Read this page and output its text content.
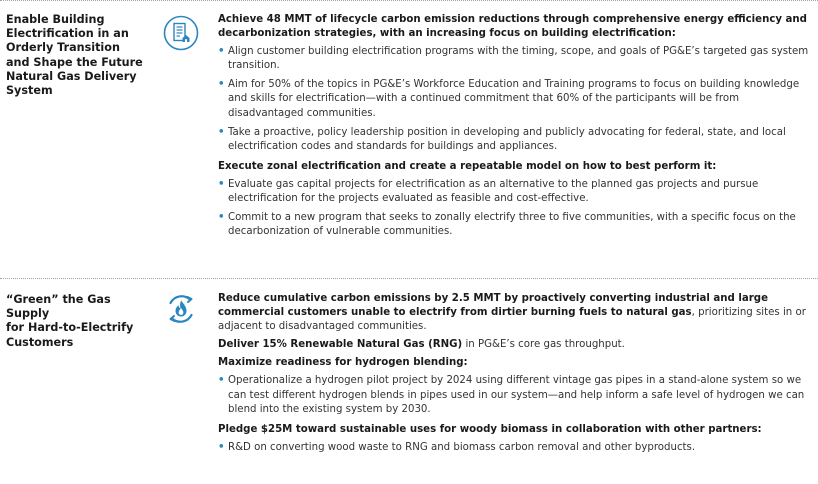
Enable Building
Electrification in an
Orderly Transition
and Shape the Future
Natural Gas Delivery
System

Achieve 48 MMT of lifecycle carbon emission reductions through comprehensive energy efficiency and decarbonization strategies, with an increasing focus on building electrification:

• Align customer building electrification programs with the timing, scope, and goals of PG&E’s targeted gas system transition.
• Aim for 50% of the topics in PG&E’s Workforce Education and Training programs to focus on building knowledge and skills for electrification—with a continued commitment that 60% of the participants will be from disadvantaged communities.
• Take a proactive, policy leadership position in developing and publicly advocating for federal, state, and local electrification codes and standards for buildings and appliances.

Execute zonal electrification and create a repeatable model on how to best perform it:

• Evaluate gas capital projects for electrification as an alternative to the planned gas projects and pursue electrification for the projects evaluated as feasible and cost-effective.
• Commit to a new program that seeks to zonally electrify three to five communities, with a specific focus on the decarbonization of vulnerable communities.
“Green” the Gas Supply
for Hard-to-Electrify
Customers

Reduce cumulative carbon emissions by 2.5 MMT by proactively converting industrial and large commercial customers unable to electrify from dirtier burning fuels to natural gas, prioritizing sites in or adjacent to disadvantaged communities.

Deliver 15% Renewable Natural Gas (RNG) in PG&E’s core gas throughput.

Maximize readiness for hydrogen blending:

• Operationalize a hydrogen pilot project by 2024 using different vintage gas pipes in a stand-alone system so we can test different hydrogen blends in pipes used in our system—and help inform a safe level of hydrogen we can blend into the existing system by 2030.

Pledge $25M toward sustainable uses for woody biomass in collaboration with other partners:

• R&D on converting wood waste to RNG and biomass carbon removal and other byproducts.
